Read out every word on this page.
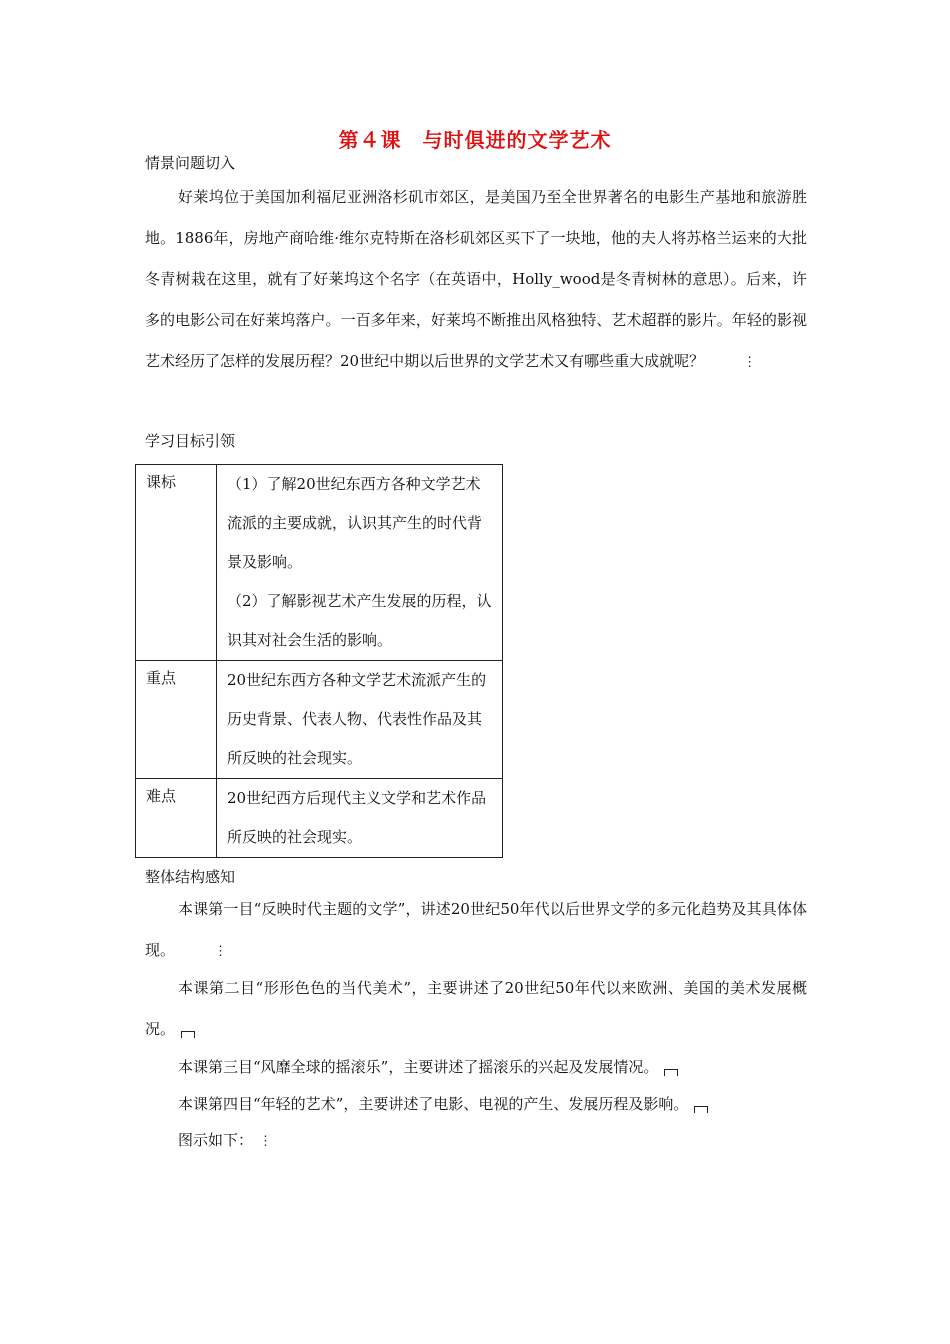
第４课　与时俱进的文学艺术
情景问题切入

好莱坞位于美国加利福尼亚洲洛杉矶市郊区，是美国乃至全世界著名的电影生产基地和旅游胜地。1886年，房地产商哈维·维尔克特斯在洛杉矶郊区买下了一块地，他的夫人将苏格兰运来的大批冬青树栽在这里，就有了好莱坞这个名字（在英语中，Holly_wood是冬青树林的意思）。后来，许多的电影公司在好莱坞落户。一百多年来，好莱坞不断推出风格独特、艺术超群的影片。年轻的影视艺术经历了怎样的发展历程？20世纪中期以后世界的文学艺术又有哪些重大成就呢？	⋮

学习目标引领
课标	（1）了解20世纪东西方各种文学艺术流派的主要成就，认识其产生的时代背景及影响。

（2）了解影视艺术产生发展的历程，认识其对社会生活的影响。

重点	20世纪东西方各种文学艺术流派产生的历史背景、代表人物、代表性作品及其所反映的社会现实。

难点	20世纪西方后现代主义文学和艺术作品所反映的社会现实。

整体结构感知

本课第一目“反映时代主题的文学”，讲述20世纪50年代以后世界文学的多元化趋势及其具体体现。	⋮

本课第二目“形形色色的当代美术”，主要讲述了20世纪50年代以来欧洲、美国的美术发展概况。

本课第三目“风靡全球的摇滚乐”，主要讲述了摇滚乐的兴起及发展情况。
本课第四目“年轻的艺术”，主要讲述了电影、电视的产生、发展历程及影响。
图示如下： ⋮
